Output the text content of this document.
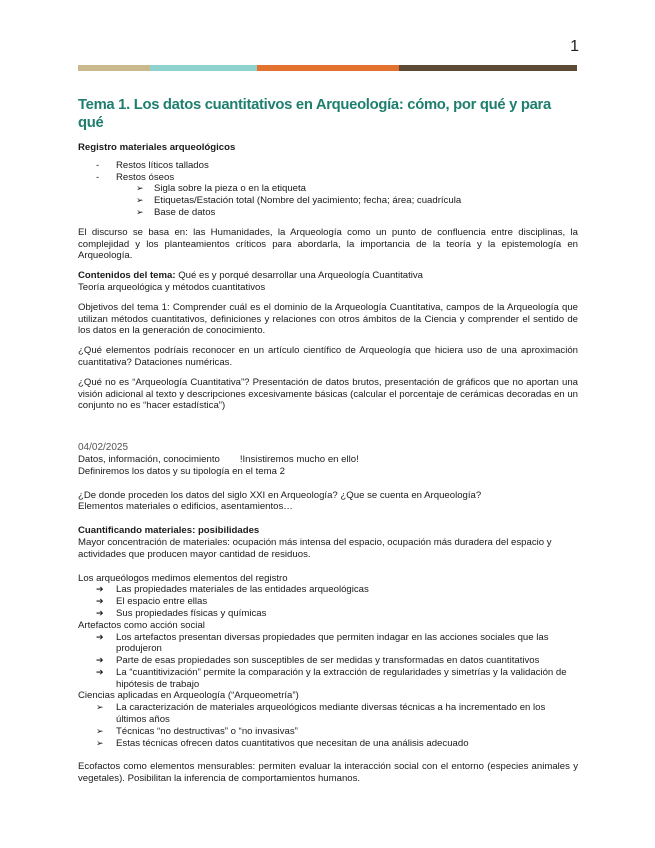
1
Tema 1. Los datos cuantitativos en Arqueología: cómo, por qué y para qué

Registro materiales arqueológicos

- Restos líticos tallados
- Restos óseos
➢ Sigla sobre la pieza o en la etiqueta
➢ Etiquetas/Estación total (Nombre del yacimiento; fecha; área; cuadrícula
➢ Base de datos

El discurso se basa en: las Humanidades, la Arqueología como un punto de confluencia entre disciplinas, la complejidad y los planteamientos críticos para abordarla, la importancia de la teoría y la epistemología en Arqueología.

Contenidos del tema: Qué es y porqué desarrollar una Arqueología Cuantitativa

Teoría arqueológica y métodos cuantitativos

Objetivos del tema 1: Comprender cuál es el dominio de la Arqueología Cuantitativa, campos de la Arqueología que utilizan métodos cuantitativos, definiciones y relaciones con otros ámbitos de la Ciencia y comprender el sentido de los datos en la generación de conocimiento.

¿Qué elementos podríais reconocer en un artículo científico de Arqueología que hiciera uso de una aproximación cuantitativa? Dataciones numéricas.

¿Qué no es “Arqueología Cuantitativa”? Presentación de datos brutos, presentación de gráficos que no aportan una visión adicional al texto y descripciones excesivamente básicas (calcular el porcentaje de cerámicas decoradas en un conjunto no es “hacer estadística”)

04/02/2025

Datos, información, conocimiento !Insistiremos mucho en ello!

Definiremos los datos y su tipología en el tema 2

¿De donde proceden los datos del siglo XXI en Arqueología? ¿Que se cuenta en Arqueología?

Elementos materiales o edificios, asentamientos…

Cuantificando materiales: posibilidades

Mayor concentración de materiales: ocupación más intensa del espacio, ocupación más duradera del espacio y actividades que producen mayor cantidad de residuos.

Los arqueólogos medimos elementos del registro

➔ Las propiedades materiales de las entidades arqueológicas
➔ El espacio entre ellas
➔ Sus propiedades físicas y químicas

Artefactos como acción social

➔ Los artefactos presentan diversas propiedades que permiten indagar en las acciones sociales que las produjeron
➔ Parte de esas propiedades son susceptibles de ser medidas y transformadas en datos cuantitativos
➔ La “cuantitivización” permite la comparación y la extracción de regularidades y simetrías y la validación de hipótesis de trabajo

Ciencias aplicadas en Arqueología (“Arqueometría”)

➢ La caracterización de materiales arqueológicos mediante diversas técnicas a ha incrementado en los últimos años
➢ Técnicas “no destructivas” o “no invasivas”
➢ Estas técnicas ofrecen datos cuantitativos que necesitan de una análisis adecuado

Ecofactos como elementos mensurables: permiten evaluar la interacción social con el entorno (especies animales y vegetales). Posibilitan la inferencia de comportamientos humanos.
